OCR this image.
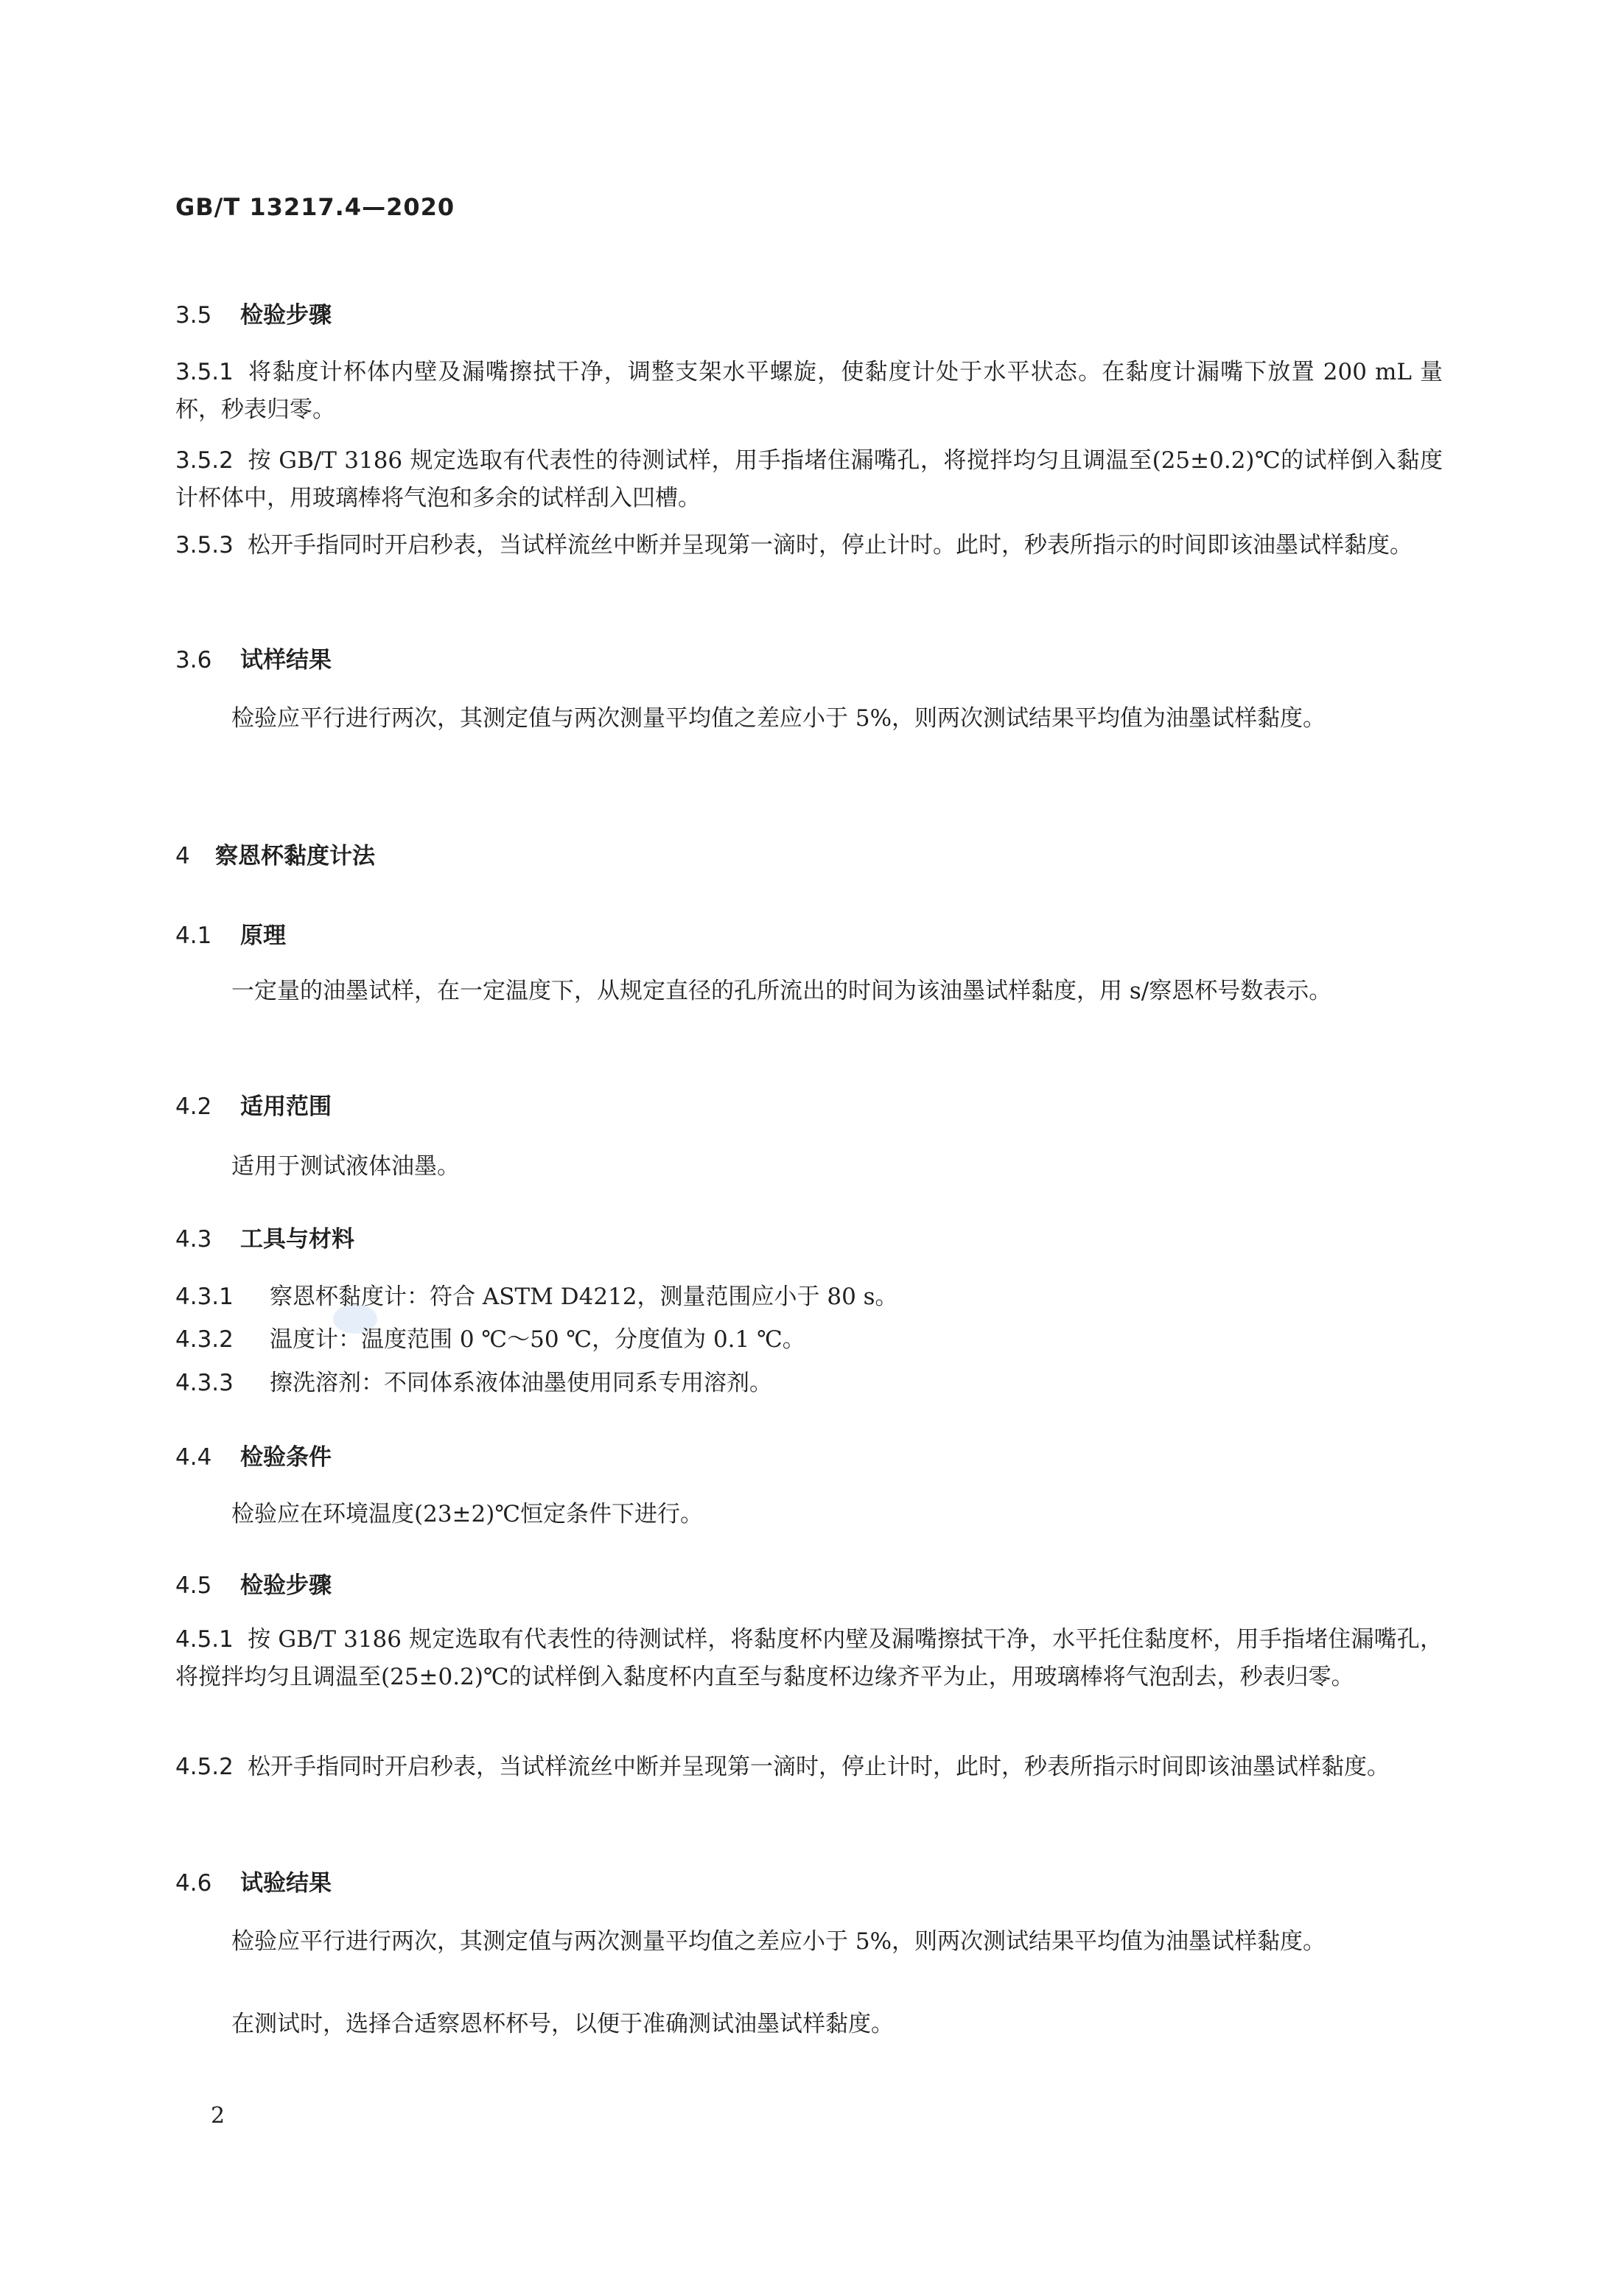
GB/T 13217.4—2020
3.5 检验步骤
3.5.1 将黏度计杯体内壁及漏嘴擦拭干净，调整支架水平螺旋，使黏度计处于水平状态。在黏度计漏嘴下放置 200 mL 量杯，秒表归零。
3.5.2 按 GB/T 3186 规定选取有代表性的待测试样，用手指堵住漏嘴孔，将搅拌均匀且调温至(25±0.2)℃的试样倒入黏度计杯体中，用玻璃棒将气泡和多余的试样刮入凹槽。
3.5.3 松开手指同时开启秒表，当试样流丝中断并呈现第一滴时，停止计时。此时，秒表所指示的时间即该油墨试样黏度。
3.6 试样结果
检验应平行进行两次，其测定值与两次测量平均值之差应小于 5%，则两次测试结果平均值为油墨试样黏度。
4 察恩杯黏度计法
4.1 原理
一定量的油墨试样，在一定温度下，从规定直径的孔所流出的时间为该油墨试样黏度，用 s/察恩杯号数表示。
4.2 适用范围
适用于测试液体油墨。
4.3 工具与材料
4.3.1 察恩杯黏度计：符合 ASTM D4212，测量范围应小于 80 s。
4.3.2 温度计：温度范围 0 ℃～50 ℃，分度值为 0.1 ℃。
4.3.3 擦洗溶剂：不同体系液体油墨使用同系专用溶剂。
4.4 检验条件
检验应在环境温度(23±2)℃恒定条件下进行。
4.5 检验步骤
4.5.1 按 GB/T 3186 规定选取有代表性的待测试样，将黏度杯内壁及漏嘴擦拭干净，水平托住黏度杯，用手指堵住漏嘴孔，将搅拌均匀且调温至(25±0.2)℃的试样倒入黏度杯内直至与黏度杯边缘齐平为止，用玻璃棒将气泡刮去，秒表归零。
4.5.2 松开手指同时开启秒表，当试样流丝中断并呈现第一滴时，停止计时，此时，秒表所指示时间即该油墨试样黏度。
4.6 试验结果
检验应平行进行两次，其测定值与两次测量平均值之差应小于 5%，则两次测试结果平均值为油墨试样黏度。
在测试时，选择合适察恩杯杯号，以便于准确测试油墨试样黏度。
2
